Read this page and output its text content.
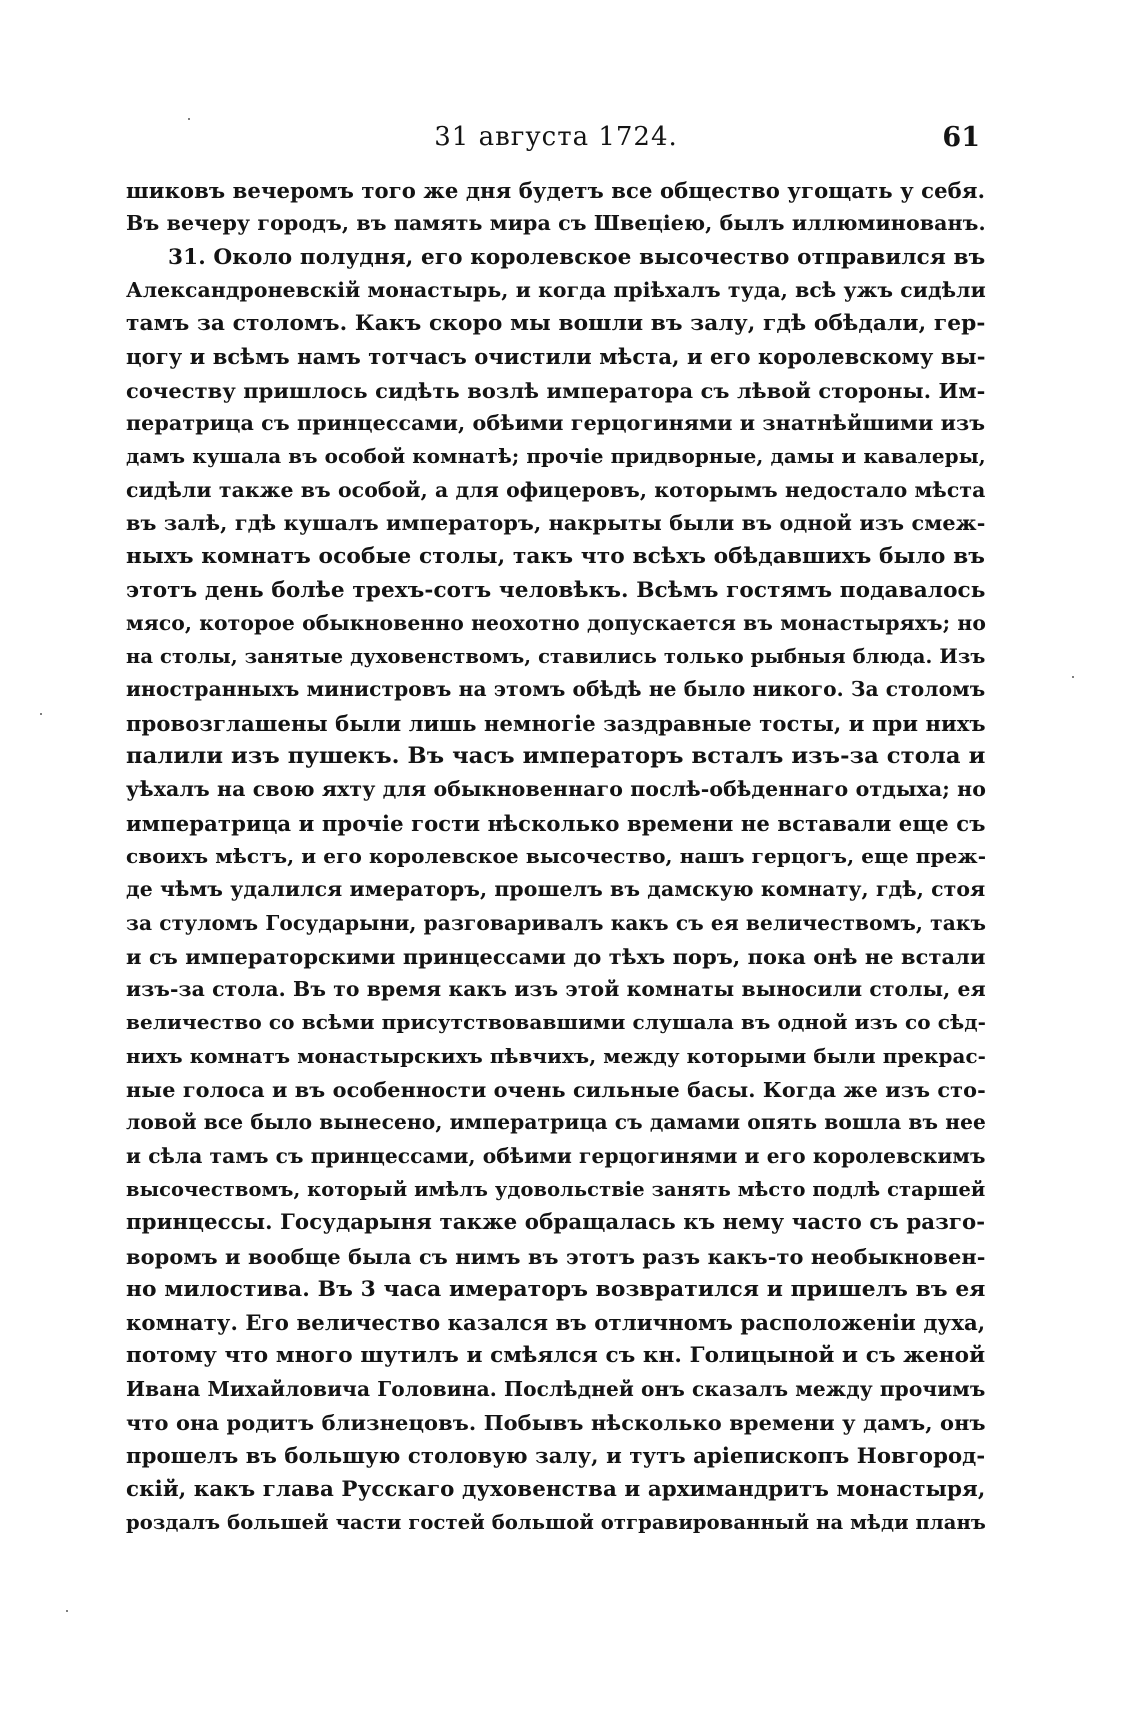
31 августа 1724.	61
шиковъ вечеромъ того же дня будетъ все общество угощать у себя.
Въ вечеру городъ, въ память мира съ Швецiею, былъ иллюминованъ.
31. Около полудня, его королевское высочество отправился въ
Александроневскiй монастырь, и когда прiѣхалъ туда, всѣ ужъ сидѣли
тамъ за столомъ. Какъ скоро мы вошли въ залу, гдѣ обѣдали, гер-
цогу и всѣмъ намъ тотчасъ очистили мѣста, и его королевскому вы-
сочеству пришлось сидѣть возлѣ императора съ лѣвой стороны. Им-
ператрица съ принцессами, обѣими герцогинями и знатнѣйшими изъ
дамъ кушала въ особой комнатѣ; прочiе придворные, дамы и кавалеры,
сидѣли также въ особой, а для офицеровъ, которымъ недостало мѣста
въ залѣ, гдѣ кушалъ императоръ, накрыты были въ одной изъ смеж-
ныхъ комнатъ особые столы, такъ что всѣхъ обѣдавшихъ было въ
этотъ день болѣе трехъ-сотъ человѣкъ. Всѣмъ гостямъ подавалось
мясо, которое обыкновенно неохотно допускается въ монастыряхъ; но
на столы, занятые духовенствомъ, ставились только рыбныя блюда. Изъ
иностранныхъ министровъ на этомъ обѣдѣ не было никого. За столомъ
провозглашены были лишь немногiе заздравные тосты, и при нихъ
палили изъ пушекъ. Въ часъ императоръ всталъ изъ-за стола и
уѣхалъ на свою яхту для обыкновеннаго послѣ-обѣденнаго отдыха; но
императрица и прочiе гости нѣсколько времени не вставали еще съ
своихъ мѣстъ, и его королевское высочество, нашъ герцогъ, еще преж-
де чѣмъ удалился имераторъ, прошелъ въ дамскую комнату, гдѣ, стоя
за стуломъ Государыни, разговаривалъ какъ съ ея величествомъ, такъ
и съ императорскими принцессами до тѣхъ поръ, пока онѣ не встали
изъ-за стола. Въ то время какъ изъ этой комнаты выносили столы, ея
величество со всѣми присутствовавшими слушала въ одной изъ со сѣд-
нихъ комнатъ монастырскихъ пѣвчихъ, между которыми были прекрас-
ные голоса и въ особенности очень сильные басы. Когда же изъ сто-
ловой все было вынесено, императрица съ дамами опять вошла въ нее
и сѣла тамъ съ принцессами, обѣими герцогинями и его королевскимъ
высочествомъ, который имѣлъ удовольствiе занять мѣсто подлѣ старшей
принцессы. Государыня также обращалась къ нему часто съ разго-
воромъ и вообще была съ нимъ въ этотъ разъ какъ-то необыкновен-
но милостива. Въ 3 часа имераторъ возвратился и пришелъ въ ея
комнату. Его величество казался въ отличномъ расположенiи духа,
потому что много шутилъ и смѣялся съ кн. Голицыной и съ женой
Ивана Михайловича Головина. Послѣдней онъ сказалъ между прочимъ
что она родитъ близнецовъ. Побывъ нѣсколько времени у дамъ, онъ
прошелъ въ большую столовую залу, и тутъ арiепископъ Новгород-
скiй, какъ глава Русскаго духовенства и архимандритъ монастыря,
роздалъ большей части гостей большой отгравированный на мѣди планъ
